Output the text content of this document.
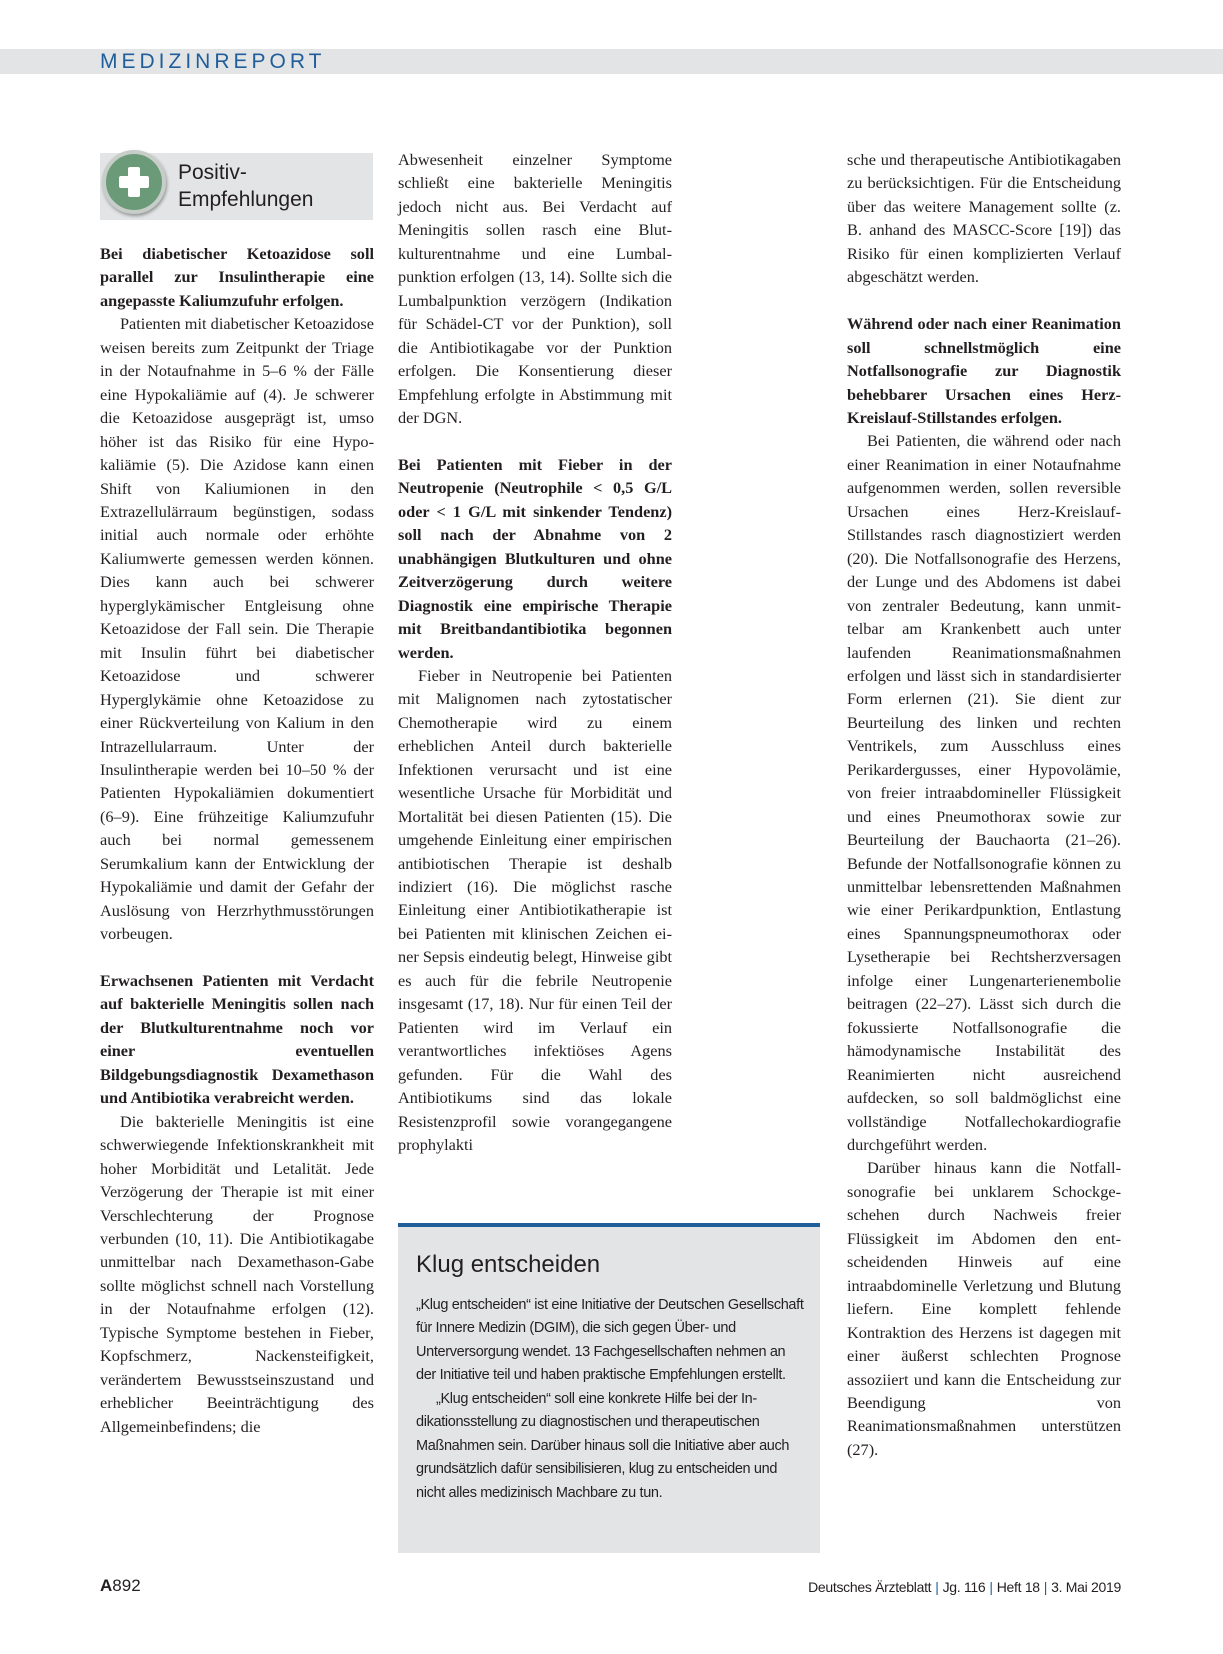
MEDIZINREPORT
Positiv-
Empfehlungen

Bei diabetischer Ketoazidose soll parallel zur Insulintherapie eine angepasste Kaliumzufuhr erfolgen.

Patienten mit diabetischer Ketoazidose weisen bereits zum Zeitpunkt der Triage in der Notaufnahme in 5–6 % der Fälle eine Hypokaliämie auf (4). Je schwerer die Ketoazidose ausgeprägt ist, umso höher ist das Risiko für eine Hypokaliämie (5). Die Azidose kann einen Shift von Kaliumionen in den Extrazellulärraum begünstigen, sodass initial auch normale oder erhöhte Kaliumwerte gemessen werden können. Dies kann auch bei schwerer hyperglykämischer Entgleisung ohne Ketoazidose der Fall sein. Die Therapie mit Insulin führt bei diabetischer Ketoazidose und schwerer Hyperglykämie ohne Ketoazidose zu einer Rückverteilung von Kalium in den Intrazellularraum. Unter der Insulintherapie werden bei 10–50 % der Patienten Hypokaliämien dokumentiert (6–9). Eine frühzeitige Kaliumzufuhr auch bei normal gemessenem Serumkalium kann der Entwicklung der Hypokaliämie und damit der Gefahr der Auslösung von Herzrhythmusstörungen vorbeugen.

Erwachsenen Patienten mit Verdacht auf bakterielle Meningitis sollen nach der Blutkulturentnahme noch vor einer eventuellen Bildgebungsdiagnostik Dexamethason und Antibiotika verabreicht werden.

Die bakterielle Meningitis ist eine schwerwiegende Infektionskrankheit mit hoher Morbidität und Letalität. Jede Verzögerung der Therapie ist mit einer Verschlechterung der Prognose verbunden (10, 11). Die Antibiotikagabe unmittelbar nach Dexamethason-Gabe sollte möglichst schnell nach Vorstellung in der Notaufnahme erfolgen (12). Typische Symptome bestehen in Fieber, Kopfschmerz, Nackensteifigkeit, verändertem Bewusstseinszustand und erheblicher Beeinträchtigung des Allgemeinbefindens; die

Abwesenheit einzelner Symptome schließt eine bakterielle Meningitis jedoch nicht aus. Bei Verdacht auf Meningitis sollen rasch eine Blutkulturentnahme und eine Lumbalpunktion erfolgen (13, 14). Sollte sich die Lumbalpunktion verzögern (Indikation für Schädel-CT vor der Punktion), soll die Antibiotikagabe vor der Punktion erfolgen. Die Konsentierung dieser Empfehlung erfolgte in Abstimmung mit der DGN.

Bei Patienten mit Fieber in der Neutropenie (Neutrophile < 0,5 G/L oder < 1 G/L mit sinkender Tendenz) soll nach der Abnahme von 2 unabhängigen Blutkulturen und ohne Zeitverzögerung durch weitere Diagnostik eine empirische Therapie mit Breitbandantibiotika begonnen werden.

Fieber in Neutropenie bei Patienten mit Malignomen nach zytostatischer Chemotherapie wird zu einem erheblichen Anteil durch bakterielle Infektionen verursacht und ist eine wesentliche Ursache für Morbidität und Mortalität bei diesen Patienten (15). Die umgehende Einleitung einer empirischen antibiotischen Therapie ist deshalb indiziert (16). Die möglichst rasche Einleitung einer Antibiotikatherapie ist bei Patienten mit klinischen Zeichen einer Sepsis eindeutig belegt, Hinweise gibt es auch für die febrile Neutropenie insgesamt (17, 18). Nur für einen Teil der Patienten wird im Verlauf ein verantwortliches infektiöses Agens gefunden. Für die Wahl des Antibiotikums sind das lokale Resistenzprofil sowie vorangegangene prophylakti

Klug entscheiden

„Klug entscheiden“ ist eine Initiative der Deutschen Gesellschaft für Innere Medizin (DGIM), die sich gegen Über- und Unterversorgung wendet. 13 Fachgesellschaften nehmen an der Initiative teil und haben praktische Empfehlungen erstellt.

„Klug entscheiden“ soll eine konkrete Hilfe bei der Indikationsstellung zu diagnostischen und therapeutischen Maßnahmen sein. Darüber hinaus soll die Initiative aber auch grundsätzlich dafür sensibilisieren, klug zu entscheiden und nicht alles medizinisch Machbare zu tun.

sche und therapeutische Antibiotikagaben zu berücksichtigen. Für die Entscheidung über das weitere Management sollte (z. B. anhand des MASCC-Score [19]) das Risiko für einen komplizierten Verlauf abgeschätzt werden.

Während oder nach einer Reanimation soll schnellstmöglich eine Notfallsonografie zur Diagnostik behebbarer Ursachen eines Herz-Kreislauf-Stillstandes erfolgen.

Bei Patienten, die während oder nach einer Reanimation in einer Notaufnahme aufgenommen werden, sollen reversible Ursachen eines Herz-Kreislauf-Stillstandes rasch diagnostiziert werden (20). Die Notfallsonografie des Herzens, der Lunge und des Abdomens ist dabei von zentraler Bedeutung, kann unmittelbar am Krankenbett auch unter laufenden Reanimationsmaßnahmen erfolgen und lässt sich in standardisierter Form erlernen (21). Sie dient zur Beurteilung des linken und rechten Ventrikels, zum Ausschluss eines Perikardergusses, einer Hypovolämie, von freier intraabdomineller Flüssigkeit und eines Pneumothorax sowie zur Beurteilung der Bauchaorta (21–26). Befunde der Notfallsonografie können zu unmittelbar lebensrettenden Maßnahmen wie einer Perikardpunktion, Entlastung eines Spannungspneumothorax oder Lysetherapie bei Rechtsherzversagen infolge einer Lungenarterienembolie beitragen (22–27). Lässt sich durch die fokussierte Notfallsonografie die hämodynamische Instabilität des Reanimierten nicht ausreichend aufdecken, so soll baldmöglichst eine vollständige Notfallechokardiografie durchgeführt werden.

Darüber hinaus kann die Notfallsonografie bei unklarem Schockgeschehen durch Nachweis freier Flüssigkeit im Abdomen den entscheidenden Hinweis auf eine intraabdominelle Verletzung und Blutung liefern. Eine komplett fehlende Kontraktion des Herzens ist dagegen mit einer äußerst schlechten Prognose assoziiert und kann die Entscheidung zur Beendigung von Reanimationsmaßnahmen unterstützen (27).

A892	Deutsches Ärzteblatt | Jg. 116 | Heft 18 | 3. Mai 2019
